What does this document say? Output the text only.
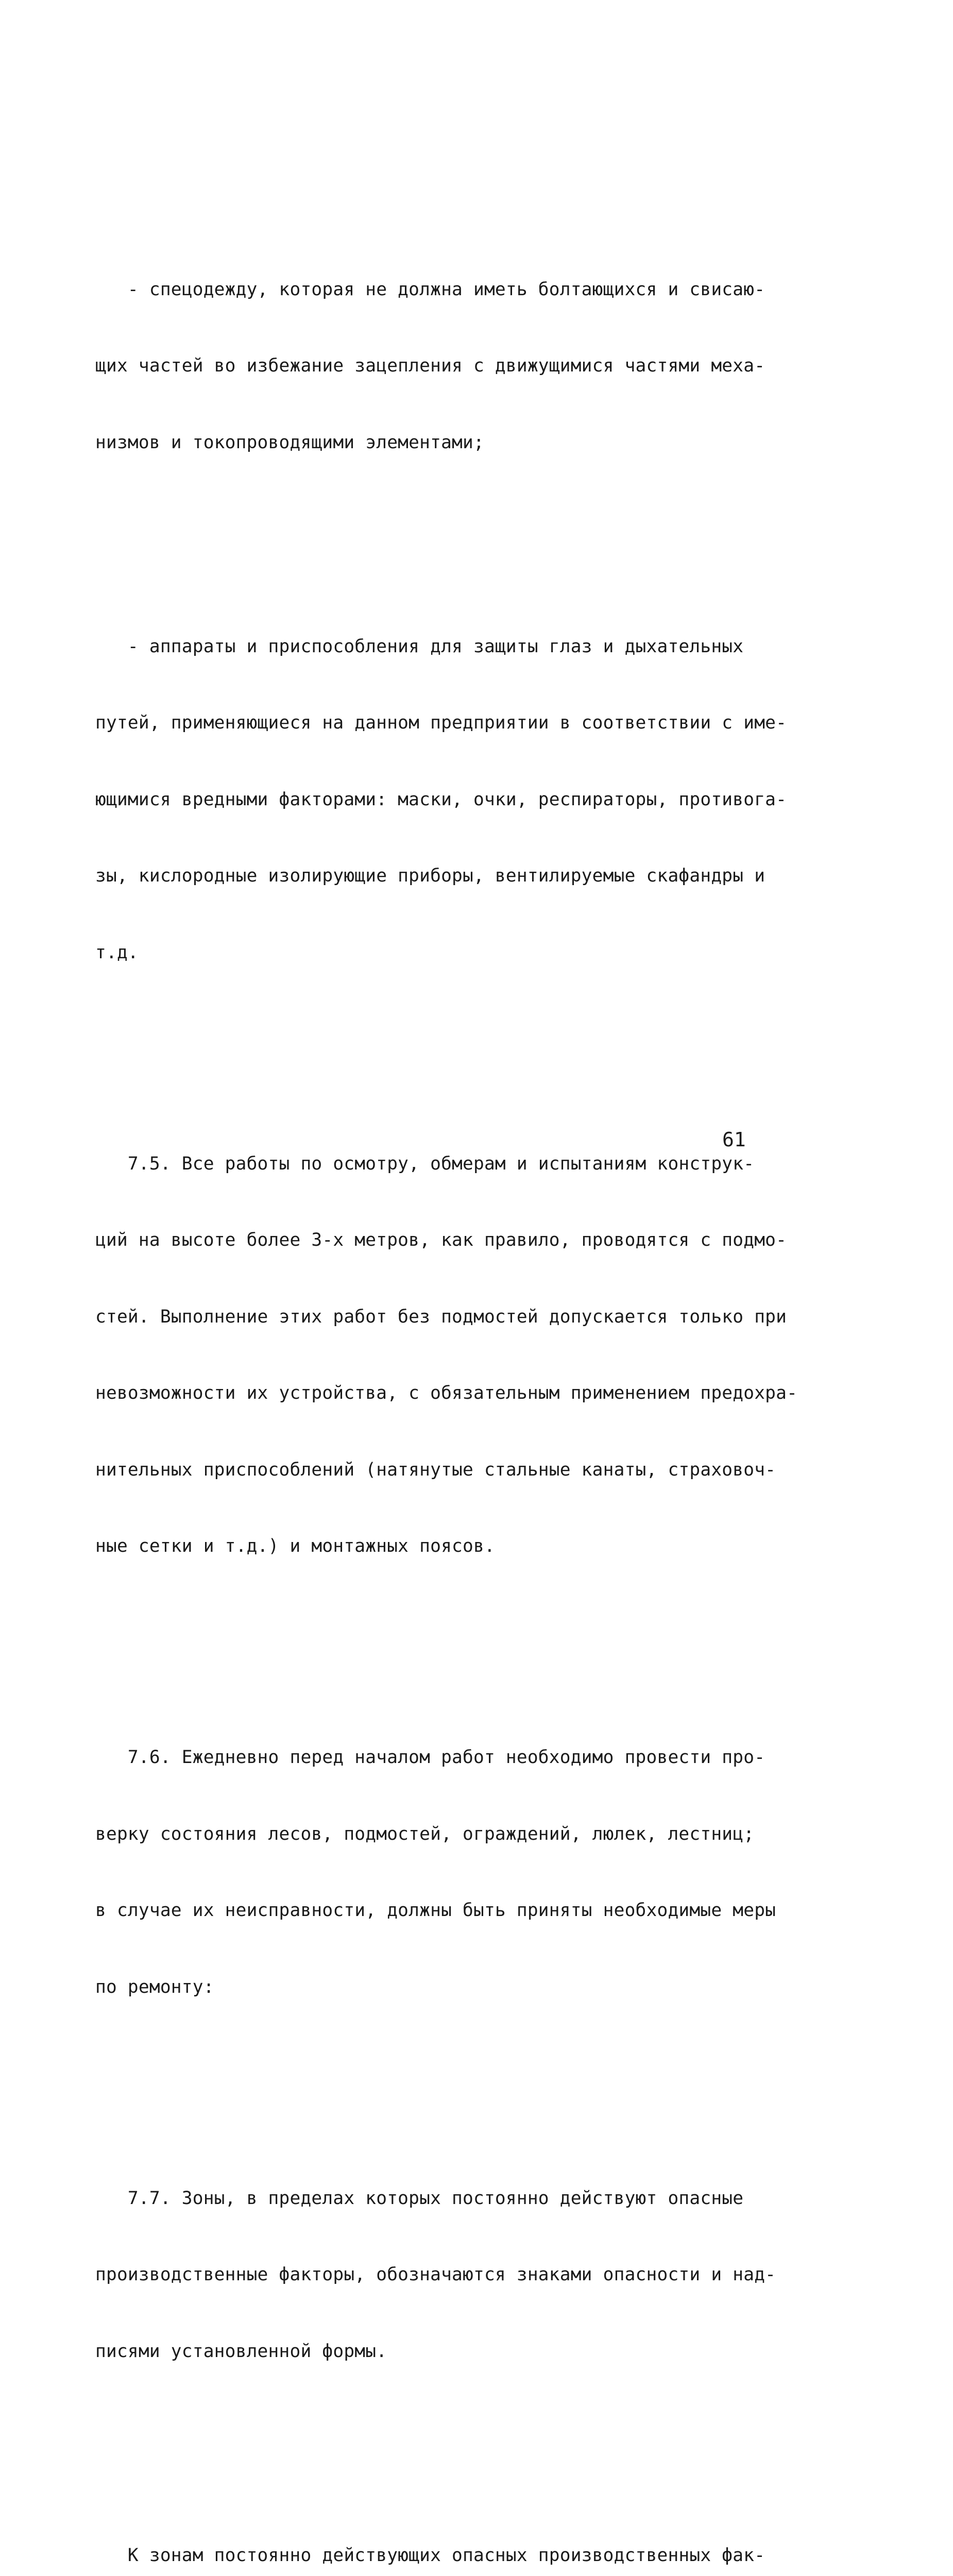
- спецодежду, которая не должна иметь болтающихся и свисаю-

щих частей во избежание зацепления с движущимися частями меха-

низмов и токопроводящими элементами;

- аппараты и приспособления для защиты глаз и дыхательных

путей, применяющиеся на данном предприятии в соответствии с име-

ющимися вредными факторами: маски, очки, респираторы, противога-

зы, кислородные изолирующие приборы, вентилируемые скафандры и

т.д.

7.5. Все работы по осмотру, обмерам и испытаниям конструк-

ций на высоте более 3-х метров, как правило, проводятся с подмо-

стей. Выполнение этих работ без подмостей допускается только при

невозможности их устройства, с обязательным применением предохра-

нительных приспособлений (натянутые стальные канаты, страховоч-

ные сетки и т.д.) и монтажных поясов.

7.6. Ежедневно перед началом работ необходимо провести про-

верку состояния лесов, подмостей, ограждений, люлек, лестниц;

в случае их неисправности, должны быть приняты необходимые меры

по ремонту:

7.7. Зоны, в пределах которых постоянно действуют опасные

производственные факторы, обозначаются знаками опасности и над-

писями установленной формы.

К зонам постоянно действующих опасных производственных фак-

61
